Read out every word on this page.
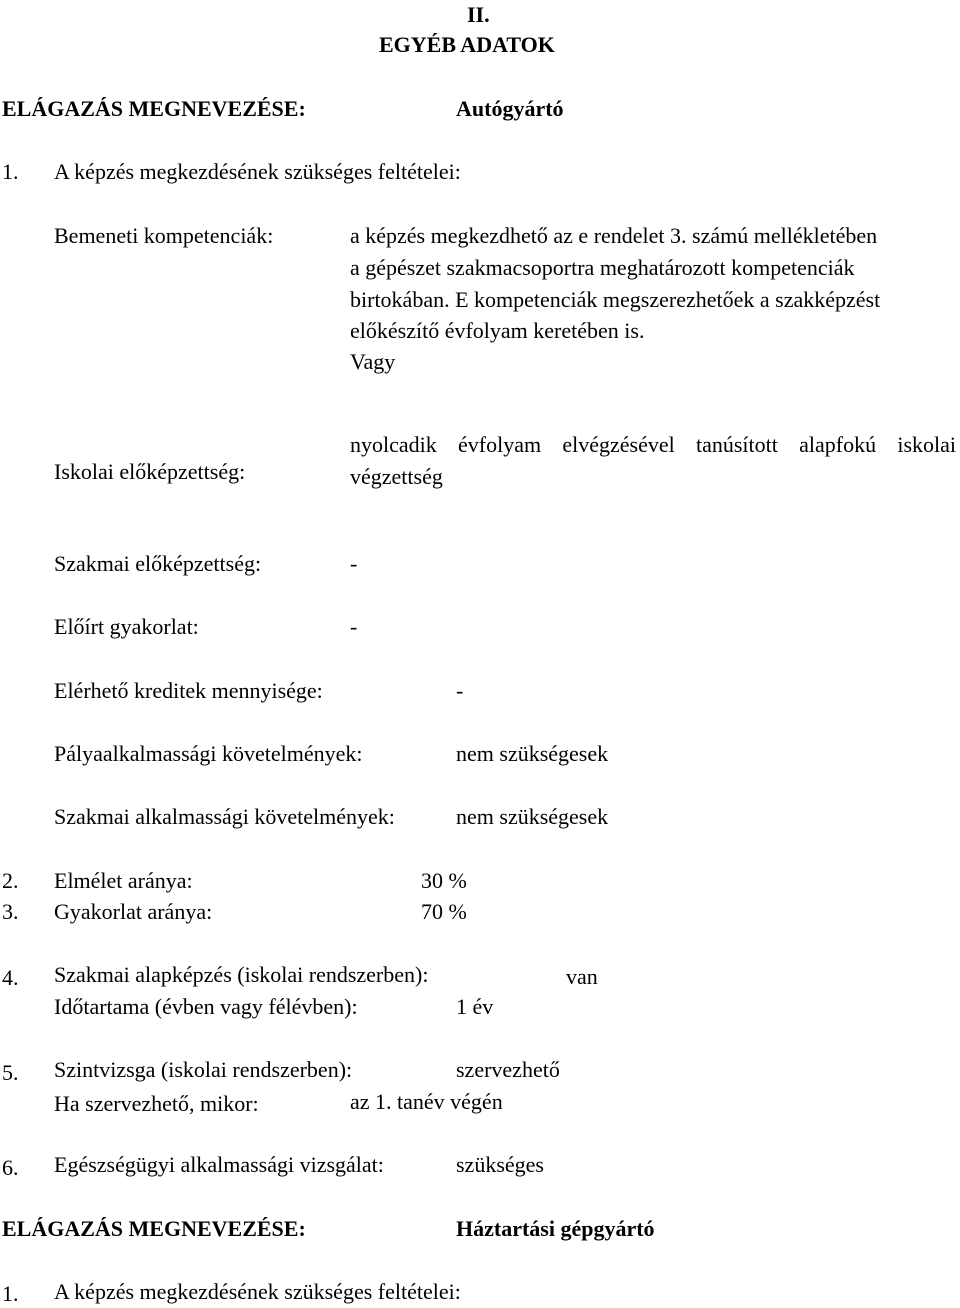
II.
EGYÉB ADATOK
ELÁGAZÁS MEGNEVEZÉSE:	Autógyártó
1. A képzés megkezdésének szükséges feltételei:
Bemeneti kompetenciák:	a képzés megkezdhető az e rendelet 3. számú mellékletében
a gépészet szakmacsoportra meghatározott kompetenciák
birtokában. E kompetenciák megszerezhetőek a szakképzést
előkészítő évfolyam keretében is.
Vagy
Iskolai előképzettség:
nyolcadik évfolyam elvégzésével tanúsított alapfokú iskolai
végzettség
Szakmai előképzettség:	-
Előírt gyakorlat:	-
Elérhető kreditek mennyisége:	-
Pályaalkalmassági követelmények:	nem szükségesek
Szakmai alkalmassági követelmények:	nem szükségesek
2. Elmélet aránya:	30 %
3. Gyakorlat aránya:	70 %
4. Szakmai alapképzés (iskolai rendszerben):	van
Időtartama (évben vagy félévben):	1 év
5. Szintvizsga (iskolai rendszerben):	szervezhető
Ha szervezhető, mikor:	az 1. tanév végén
6. Egészségügyi alkalmassági vizsgálat:	szükséges
ELÁGAZÁS MEGNEVEZÉSE:	Háztartási gépgyártó
1. A képzés megkezdésének szükséges feltételei:
